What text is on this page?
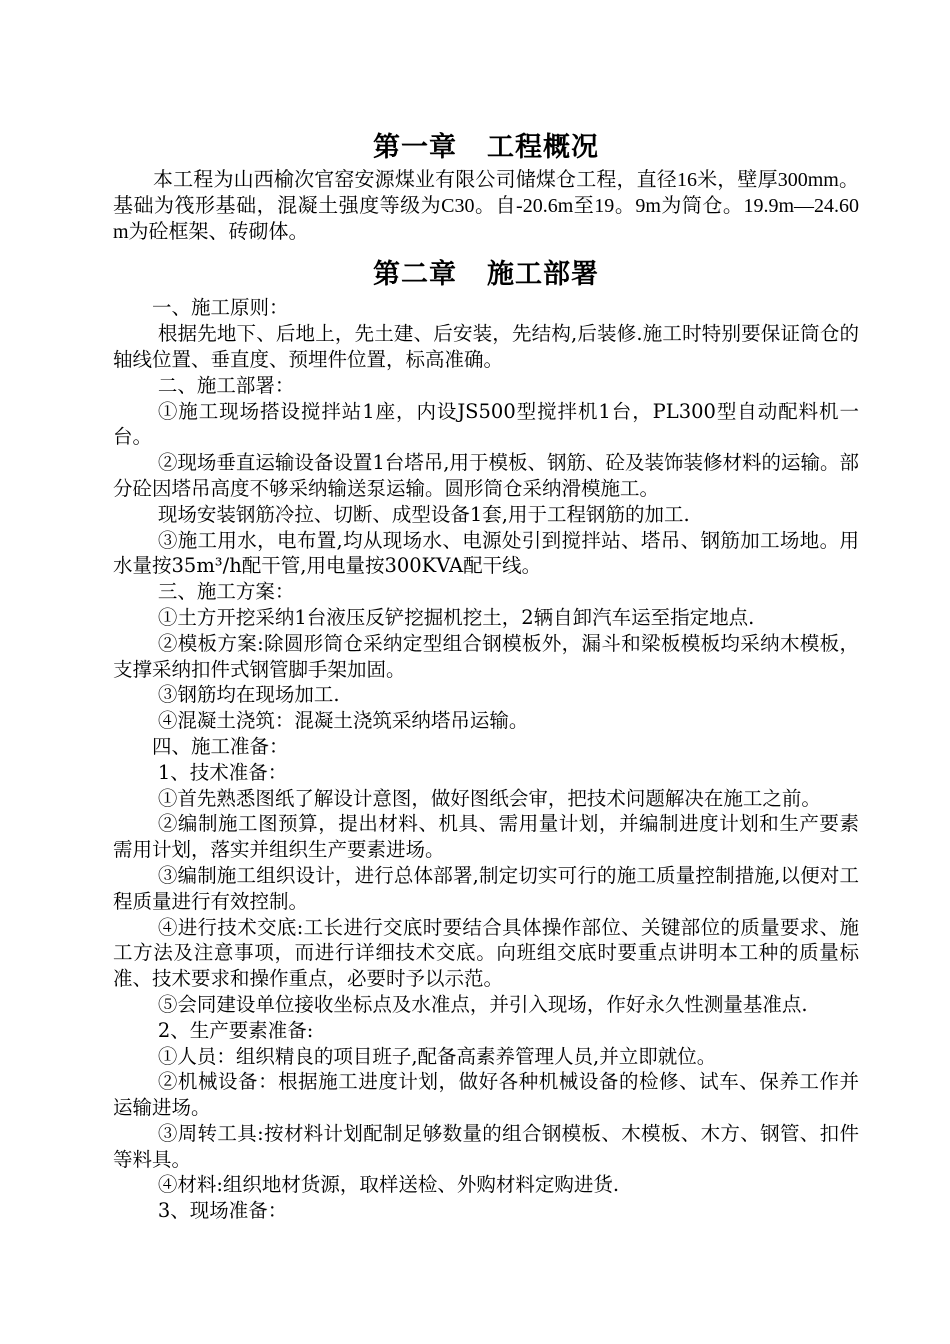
第一章 工程概况

本工程为山西榆次官窑安源煤业有限公司储煤仓工程，直径16米，壁厚300mm。基础为筏形基础，混凝土强度等级为C30。自-20.6m至19。9m为筒仓。19.9m—24.60m为砼框架、砖砌体。

第二章 施工部署

一、施工原则：

根据先地下、后地上，先土建、后安装，先结构,后装修.施工时特别要保证筒仓的轴线位置、垂直度、预埋件位置，标高准确。

二、施工部署：

①施工现场搭设搅拌站1座，内设JS500型搅拌机1台，PL300型自动配料机一台。

②现场垂直运输设备设置1台塔吊,用于模板、钢筋、砼及装饰装修材料的运输。部分砼因塔吊高度不够采纳输送泵运输。圆形筒仓采纳滑模施工。

现场安装钢筋冷拉、切断、成型设备1套,用于工程钢筋的加工.

③施工用水，电布置,均从现场水、电源处引到搅拌站、塔吊、钢筋加工场地。用水量按35m³/h配干管,用电量按300KVA配干线。

三、施工方案：

①土方开挖采纳1台液压反铲挖掘机挖土，2辆自卸汽车运至指定地点.

②模板方案:除圆形筒仓采纳定型组合钢模板外，漏斗和梁板模板均采纳木模板，支撑采纳扣件式钢管脚手架加固。

③钢筋均在现场加工.

④混凝土浇筑：混凝土浇筑采纳塔吊运输。

四、施工准备：

1、技术准备：

①首先熟悉图纸了解设计意图，做好图纸会审，把技术问题解决在施工之前。

②编制施工图预算，提出材料、机具、需用量计划，并编制进度计划和生产要素需用计划，落实并组织生产要素进场。

③编制施工组织设计，进行总体部署,制定切实可行的施工质量控制措施,以便对工程质量进行有效控制。

④进行技术交底:工长进行交底时要结合具体操作部位、关键部位的质量要求、施工方法及注意事项，而进行详细技术交底。向班组交底时要重点讲明本工种的质量标准、技术要求和操作重点，必要时予以示范。

⑤会同建设单位接收坐标点及水准点，并引入现场，作好永久性测量基准点.

2、生产要素准备:

①人员：组织精良的项目班子,配备高素养管理人员,并立即就位。

②机械设备：根据施工进度计划，做好各种机械设备的检修、试车、保养工作并运输进场。

③周转工具:按材料计划配制足够数量的组合钢模板、木模板、木方、钢管、扣件等料具。

④材料:组织地材货源，取样送检、外购材料定购进货.

3、现场准备：
